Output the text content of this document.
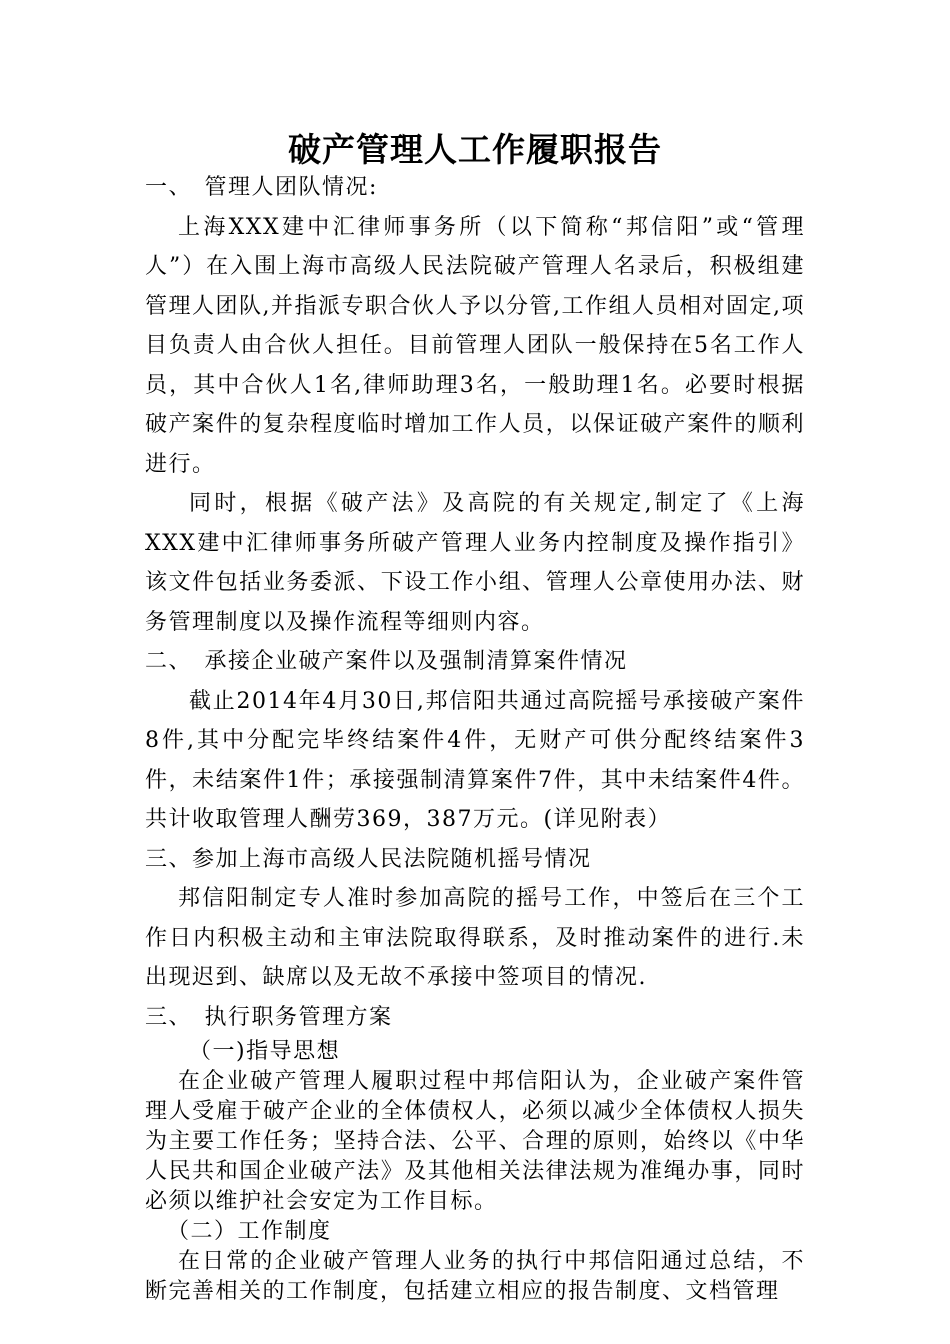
破产管理人工作履职报告

一、　管理人团队情况:

上海XXX建中汇律师事务所（以下简称“邦信阳”或“管理人”）在入围上海市高级人民法院破产管理人名录后，积极组建管理人团队,并指派专职合伙人予以分管,工作组人员相对固定,项目负责人由合伙人担任。目前管理人团队一般保持在5名工作人员，其中合伙人1名,律师助理3名，一般助理1名。必要时根据破产案件的复杂程度临时增加工作人员，以保证破产案件的顺利进行。

同时，根据《破产法》及高院的有关规定,制定了《上海XXX建中汇律师事务所破产管理人业务内控制度及操作指引》该文件包括业务委派、下设工作小组、管理人公章使用办法、财务管理制度以及操作流程等细则内容。

二、　承接企业破产案件以及强制清算案件情况

截止2014年4月30日,邦信阳共通过高院摇号承接破产案件8件,其中分配完毕终结案件4件，无财产可供分配终结案件3件，未结案件1件；承接强制清算案件7件，其中未结案件4件。共计收取管理人酬劳369，387万元。(详见附表）

三、参加上海市高级人民法院随机摇号情况

邦信阳制定专人准时参加高院的摇号工作，中签后在三个工作日内积极主动和主审法院取得联系，及时推动案件的进行.未出现迟到、缺席以及无故不承接中签项目的情况.

三、　执行职务管理方案

（一)指导思想

在企业破产管理人履职过程中邦信阳认为，企业破产案件管理人受雇于破产企业的全体债权人，必须以减少全体债权人损失为主要工作任务；坚持合法、公平、合理的原则，始终以《中华人民共和国企业破产法》及其他相关法律法规为准绳办事，同时必须以维护社会安定为工作目标。

（二）工作制度

在日常的企业破产管理人业务的执行中邦信阳通过总结，不断完善相关的工作制度，包括建立相应的报告制度、文档管理
